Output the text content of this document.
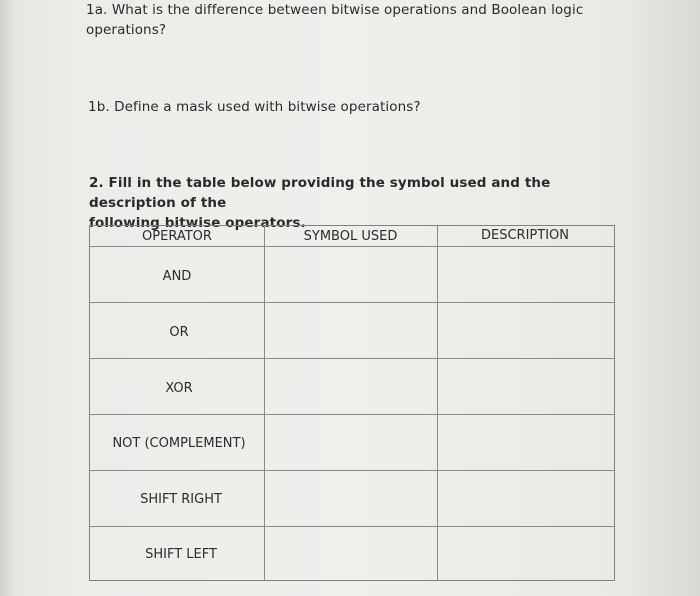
1a. What is the difference between bitwise operations and Boolean logic
operations?
1b. Define a mask used with bitwise operations?
2. Fill in the table below providing the symbol used and the description of the
following bitwise operators.
OPERATOR	SYMBOL USED	DESCRIPTION
AND
OR
XOR
NOT (COMPLEMENT)
SHIFT RIGHT
SHIFT LEFT
